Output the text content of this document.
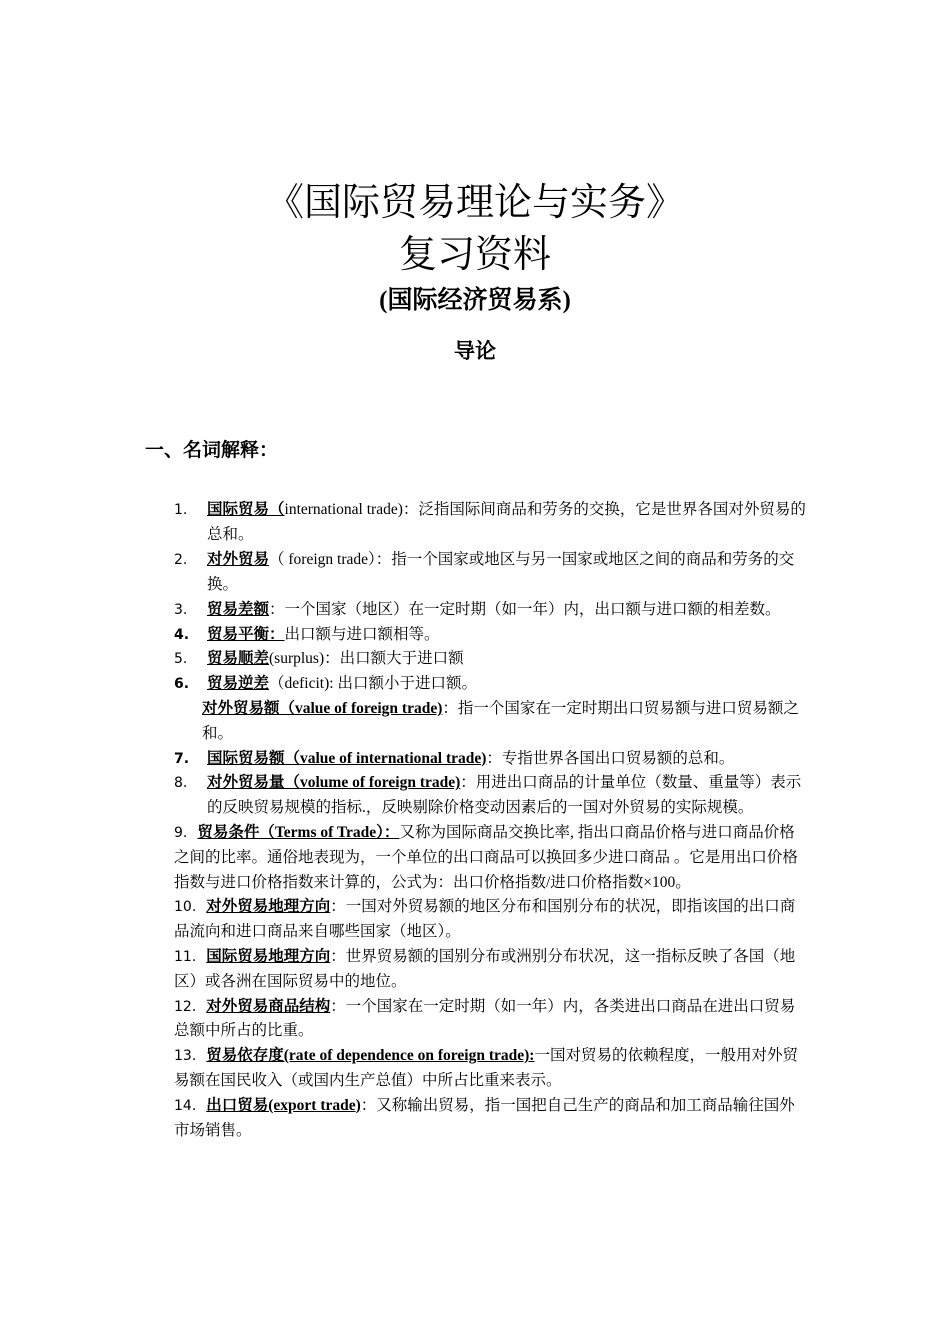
《国际贸易理论与实务》
复习资料
(国际经济贸易系)
导论
一、名词解释：

1. 国际贸易（international trade)：泛指国际间商品和劳务的交换，它是世界各国对外贸易的总和。

2. 对外贸易（ foreign trade）：指一个国家或地区与另一国家或地区之间的商品和劳务的交换。

3. 贸易差额：一个国家（地区）在一定时期（如一年）内，出口额与进口额的相差数。

4. 贸易平衡：出口额与进口额相等。

5. 贸易顺差(surplus)：出口额大于进口额

6. 贸易逆差（deficit): 出口额小于进口额。

对外贸易额（value of foreign trade)：指一个国家在一定时期出口贸易额与进口贸易额之和。

7. 国际贸易额（value of international trade)：专指世界各国出口贸易额的总和。

8. 对外贸易量（volume of foreign trade)：用进出口商品的计量单位（数量、重量等）表示的反映贸易规模的指标.，反映剔除价格变动因素后的一国对外贸易的实际规模。

9. 贸易条件（Terms of Trade）：又称为国际商品交换比率, 指出口商品价格与进口商品价格之间的比率。通俗地表现为，一个单位的出口商品可以换回多少进口商品 。它是用出口价格指数与进口价格指数来计算的，公式为：出口价格指数/进口价格指数×100。

10. 对外贸易地理方向：一国对外贸易额的地区分布和国别分布的状况，即指该国的出口商品流向和进口商品来自哪些国家（地区）。

11. 国际贸易地理方向：世界贸易额的国别分布或洲别分布状况，这一指标反映了各国（地区）或各洲在国际贸易中的地位。

12. 对外贸易商品结构：一个国家在一定时期（如一年）内，各类进出口商品在进出口贸易总额中所占的比重。

13. 贸易依存度(rate of dependence on foreign trade):一国对贸易的依赖程度，一般用对外贸易额在国民收入（或国内生产总值）中所占比重来表示。

14. 出口贸易(export trade)：又称输出贸易，指一国把自己生产的商品和加工商品输往国外市场销售。
